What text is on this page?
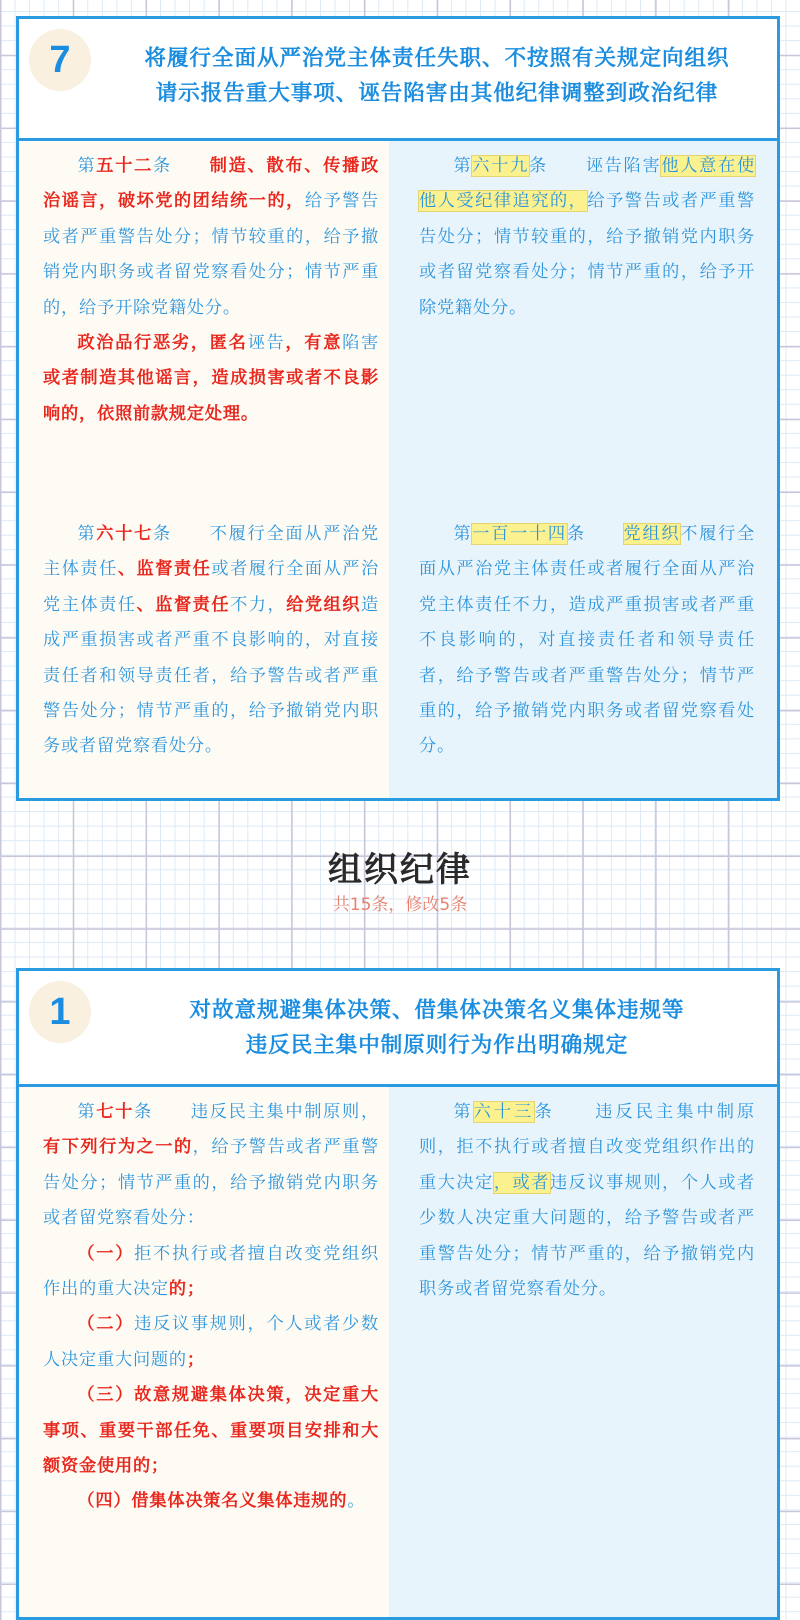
7	将履行全面从严治党主体责任失职、不按照有关规定向组织
请示报告重大事项、诬告陷害由其他纪律调整到政治纪律

第五十二条　　 制造、散布、传播政治谣言，破坏党的团结统一的，给予警告或者严重警告处分；情节较重的，给予撤销党内职务或者留党察看处分；情节严重的，给予开除党籍处分。

政治品行恶劣，匿名诬告，有意陷害或者制造其他谣言，造成损害或者不良影响的，依照前款规定处理。

第六十九条　　 诬告陷害他人意在使他人受纪律追究的，给予警告或者严重警告处分；情节较重的，给予撤销党内职务或者留党察看处分；情节严重的，给予开除党籍处分。

第六十七条　　 不履行全面从严治党主体责任、监督责任或者履行全面从严治党主体责任、监督责任不力，给党组织造成严重损害或者严重不良影响的，对直接责任者和领导责任者，给予警告或者严重警告处分；情节严重的，给予撤销党内职务或者留党察看处分。

第一百一十四条　　 党组织不履行全面从严治党主体责任或者履行全面从严治党主体责任不力，造成严重损害或者严重不良影响的，对直接责任者和领导责任者，给予警告或者严重警告处分；情节严重的，给予撤销党内职务或者留党察看处分。

组织纪律
共15条，修改5条
1	对故意规避集体决策、借集体决策名义集体违规等
违反民主集中制原则行为作出明确规定

第七十条　　 违反民主集中制原则，有下列行为之一的，给予警告或者严重警告处分；情节严重的，给予撤销党内职务或者留党察看处分：

（一）拒不执行或者擅自改变党组织作出的重大决定的；

（二）违反议事规则，个人或者少数人决定重大问题的；

（三）故意规避集体决策，决定重大事项、重要干部任免、重要项目安排和大额资金使用的；

（四）借集体决策名义集体违规的。

第六十三条　　 违反民主集中制原则，拒不执行或者擅自改变党组织作出的重大决定，或者违反议事规则，个人或者少数人决定重大问题的，给予警告或者严重警告处分；情节严重的，给予撤销党内职务或者留党察看处分。
